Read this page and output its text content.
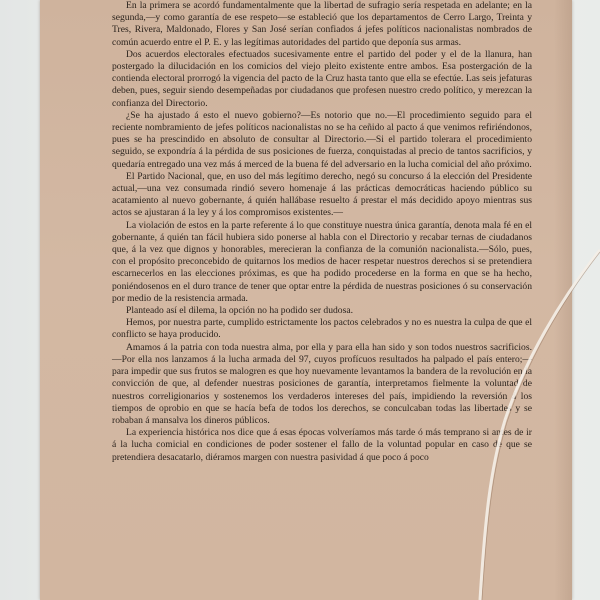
En la primera se acordó fundamentalmente que la libertad de sufragio sería respetada en adelante; en la segunda,—y como garantía de ese respeto—se estableció que los departamentos de Cerro Largo, Treinta y Tres, Rivera, Maldonado, Flores y San José serían confiados á jefes políticos nacionalistas nombrados de común acuerdo entre el P. E. y las legítimas autoridades del partido que deponía sus armas.

Dos acuerdos electorales efectuados sucesivamente entre el partido del poder y el de la llanura, han postergado la dilucidación en los comicios del viejo pleito existente entre ambos. Esa postergación de la contienda electoral prorrogó la vigencia del pacto de la Cruz hasta tanto que ella se efectúe. Las seis jefaturas deben, pues, seguir siendo desempeñadas por ciudadanos que profesen nuestro credo político, y merezcan la confianza del Directorio.

¿Se ha ajustado á esto el nuevo gobierno?—Es notorio que no.—El procedimiento seguido para el reciente nombramiento de jefes políticos nacionalistas no se ha ceñido al pacto á que venimos refiriéndonos, pues se ha prescindido en absoluto de consultar al Directorio.—Si el partido tolerara el procedimiento seguido, se expondría á la pérdida de sus posiciones de fuerza, conquistadas al precio de tantos sacrificios, y quedaría entregado una vez más á merced de la buena fé del adversario en la lucha comicial del año próximo.

El Partido Nacional, que, en uso del más legítimo derecho, negó su concurso á la elección del Presidente actual,—una vez consumada rindió severo homenaje á las prácticas democráticas haciendo público su acatamiento al nuevo gobernante, á quién hallábase resuelto á prestar el más decidido apoyo mientras sus actos se ajustaran á la ley y á los compromisos existentes.—

La violación de estos en la parte referente á lo que constituye nuestra única garantía, denota mala fé en el gobernante, á quién tan fácil hubiera sido ponerse al habla con el Directorio y recabar ternas de ciudadanos que, á la vez que dignos y honorables, merecieran la confianza de la comunión nacionalista.—Sólo, pues, con el propósito preconcebido de quitarnos los medios de hacer respetar nuestros derechos si se pretendiera escarnecerlos en las elecciones próximas, es que ha podido procederse en la forma en que se ha hecho, poniéndosenos en el duro trance de tener que optar entre la pérdida de nuestras posiciones ó su conservación por medio de la resistencia armada.

Planteado así el dilema, la opción no ha podido ser dudosa.

Hemos, por nuestra parte, cumplido estrictamente los pactos celebrados y no es nuestra la culpa de que el conflicto se haya producido.

Amamos á la patria con toda nuestra alma, por ella y para ella han sido y son todos nuestros sacrificios.—Por ella nos lanzamos á la lucha armada del 97, cuyos profícuos resultados ha palpado el país entero;—para impedir que sus frutos se malogren es que hoy nuevamente levantamos la bandera de la revolución en la convicción de que, al defender nuestras posiciones de garantía, interpretamos fielmente la voluntad de nuestros correligionarios y sostenemos los verdaderos intereses del país, impidiendo la reversión á los tiempos de oprobio en que se hacía befa de todos los derechos, se conculcaban todas las libertades y se robaban á mansalva los dineros públicos.

La experiencia histórica nos dice que á esas épocas volveríamos más tarde ó más temprano si antes de ir á la lucha comicial en condiciones de poder sostener el fallo de la voluntad popular en caso de que se pretendiera desacatarlo, diéramos margen con nuestra pasividad á que poco á poco
